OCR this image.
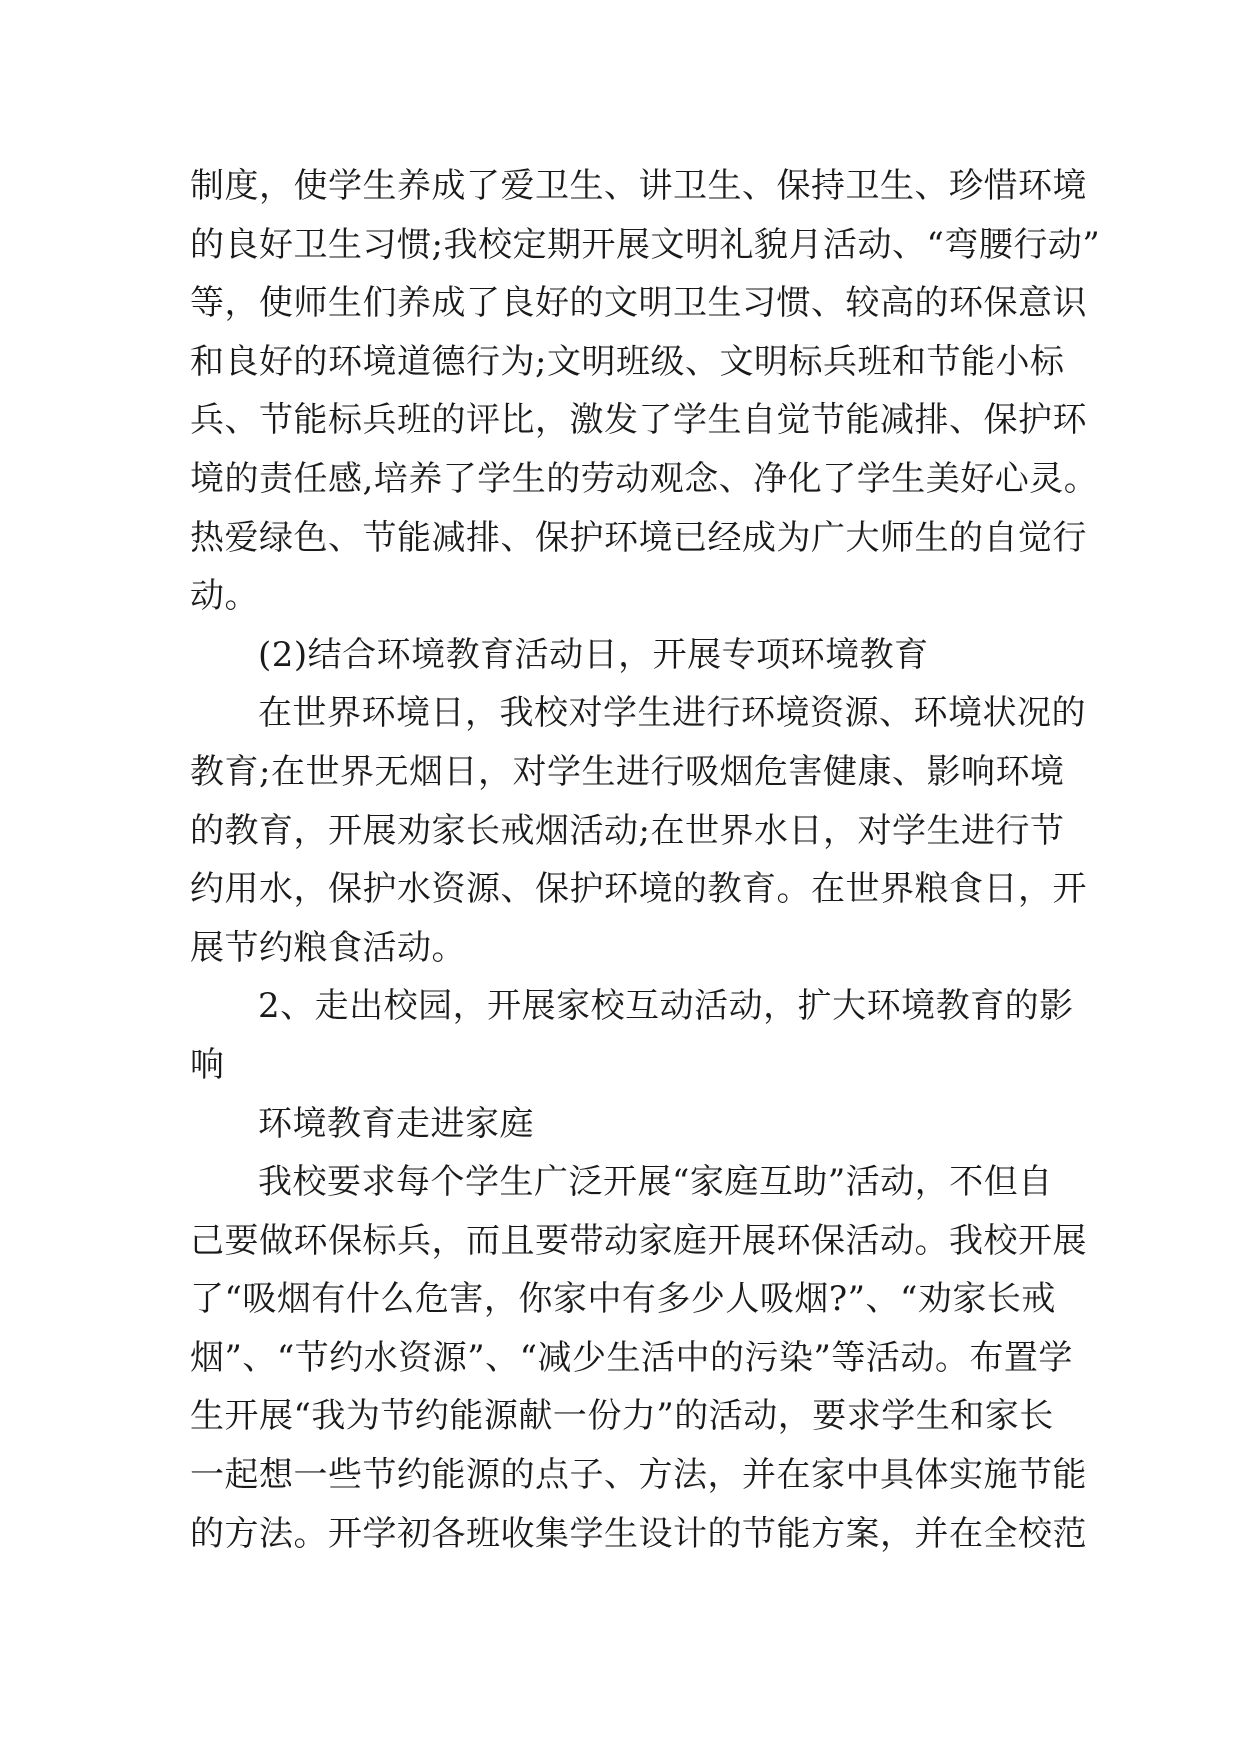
制度，使学生养成了爱卫生、讲卫生、保持卫生、珍惜环境
的良好卫生习惯;我校定期开展文明礼貌月活动、“弯腰行动”
等，使师生们养成了良好的文明卫生习惯、较高的环保意识
和良好的环境道德行为;文明班级、文明标兵班和节能小标
兵、节能标兵班的评比，激发了学生自觉节能减排、保护环
境的责任感,培养了学生的劳动观念、净化了学生美好心灵。
热爱绿色、节能减排、保护环境已经成为广大师生的自觉行
动。
(2)结合环境教育活动日，开展专项环境教育
在世界环境日，我校对学生进行环境资源、环境状况的
教育;在世界无烟日，对学生进行吸烟危害健康、影响环境
的教育，开展劝家长戒烟活动;在世界水日，对学生进行节
约用水，保护水资源、保护环境的教育。在世界粮食日，开
展节约粮食活动。
2、走出校园，开展家校互动活动，扩大环境教育的影
响
环境教育走进家庭
我校要求每个学生广泛开展“家庭互助”活动，不但自
己要做环保标兵，而且要带动家庭开展环保活动。我校开展
了“吸烟有什么危害，你家中有多少人吸烟?”、“劝家长戒
烟”、“节约水资源”、“减少生活中的污染”等活动。布置学
生开展“我为节约能源献一份力”的活动，要求学生和家长
一起想一些节约能源的点子、方法，并在家中具体实施节能
的方法。开学初各班收集学生设计的节能方案，并在全校范
